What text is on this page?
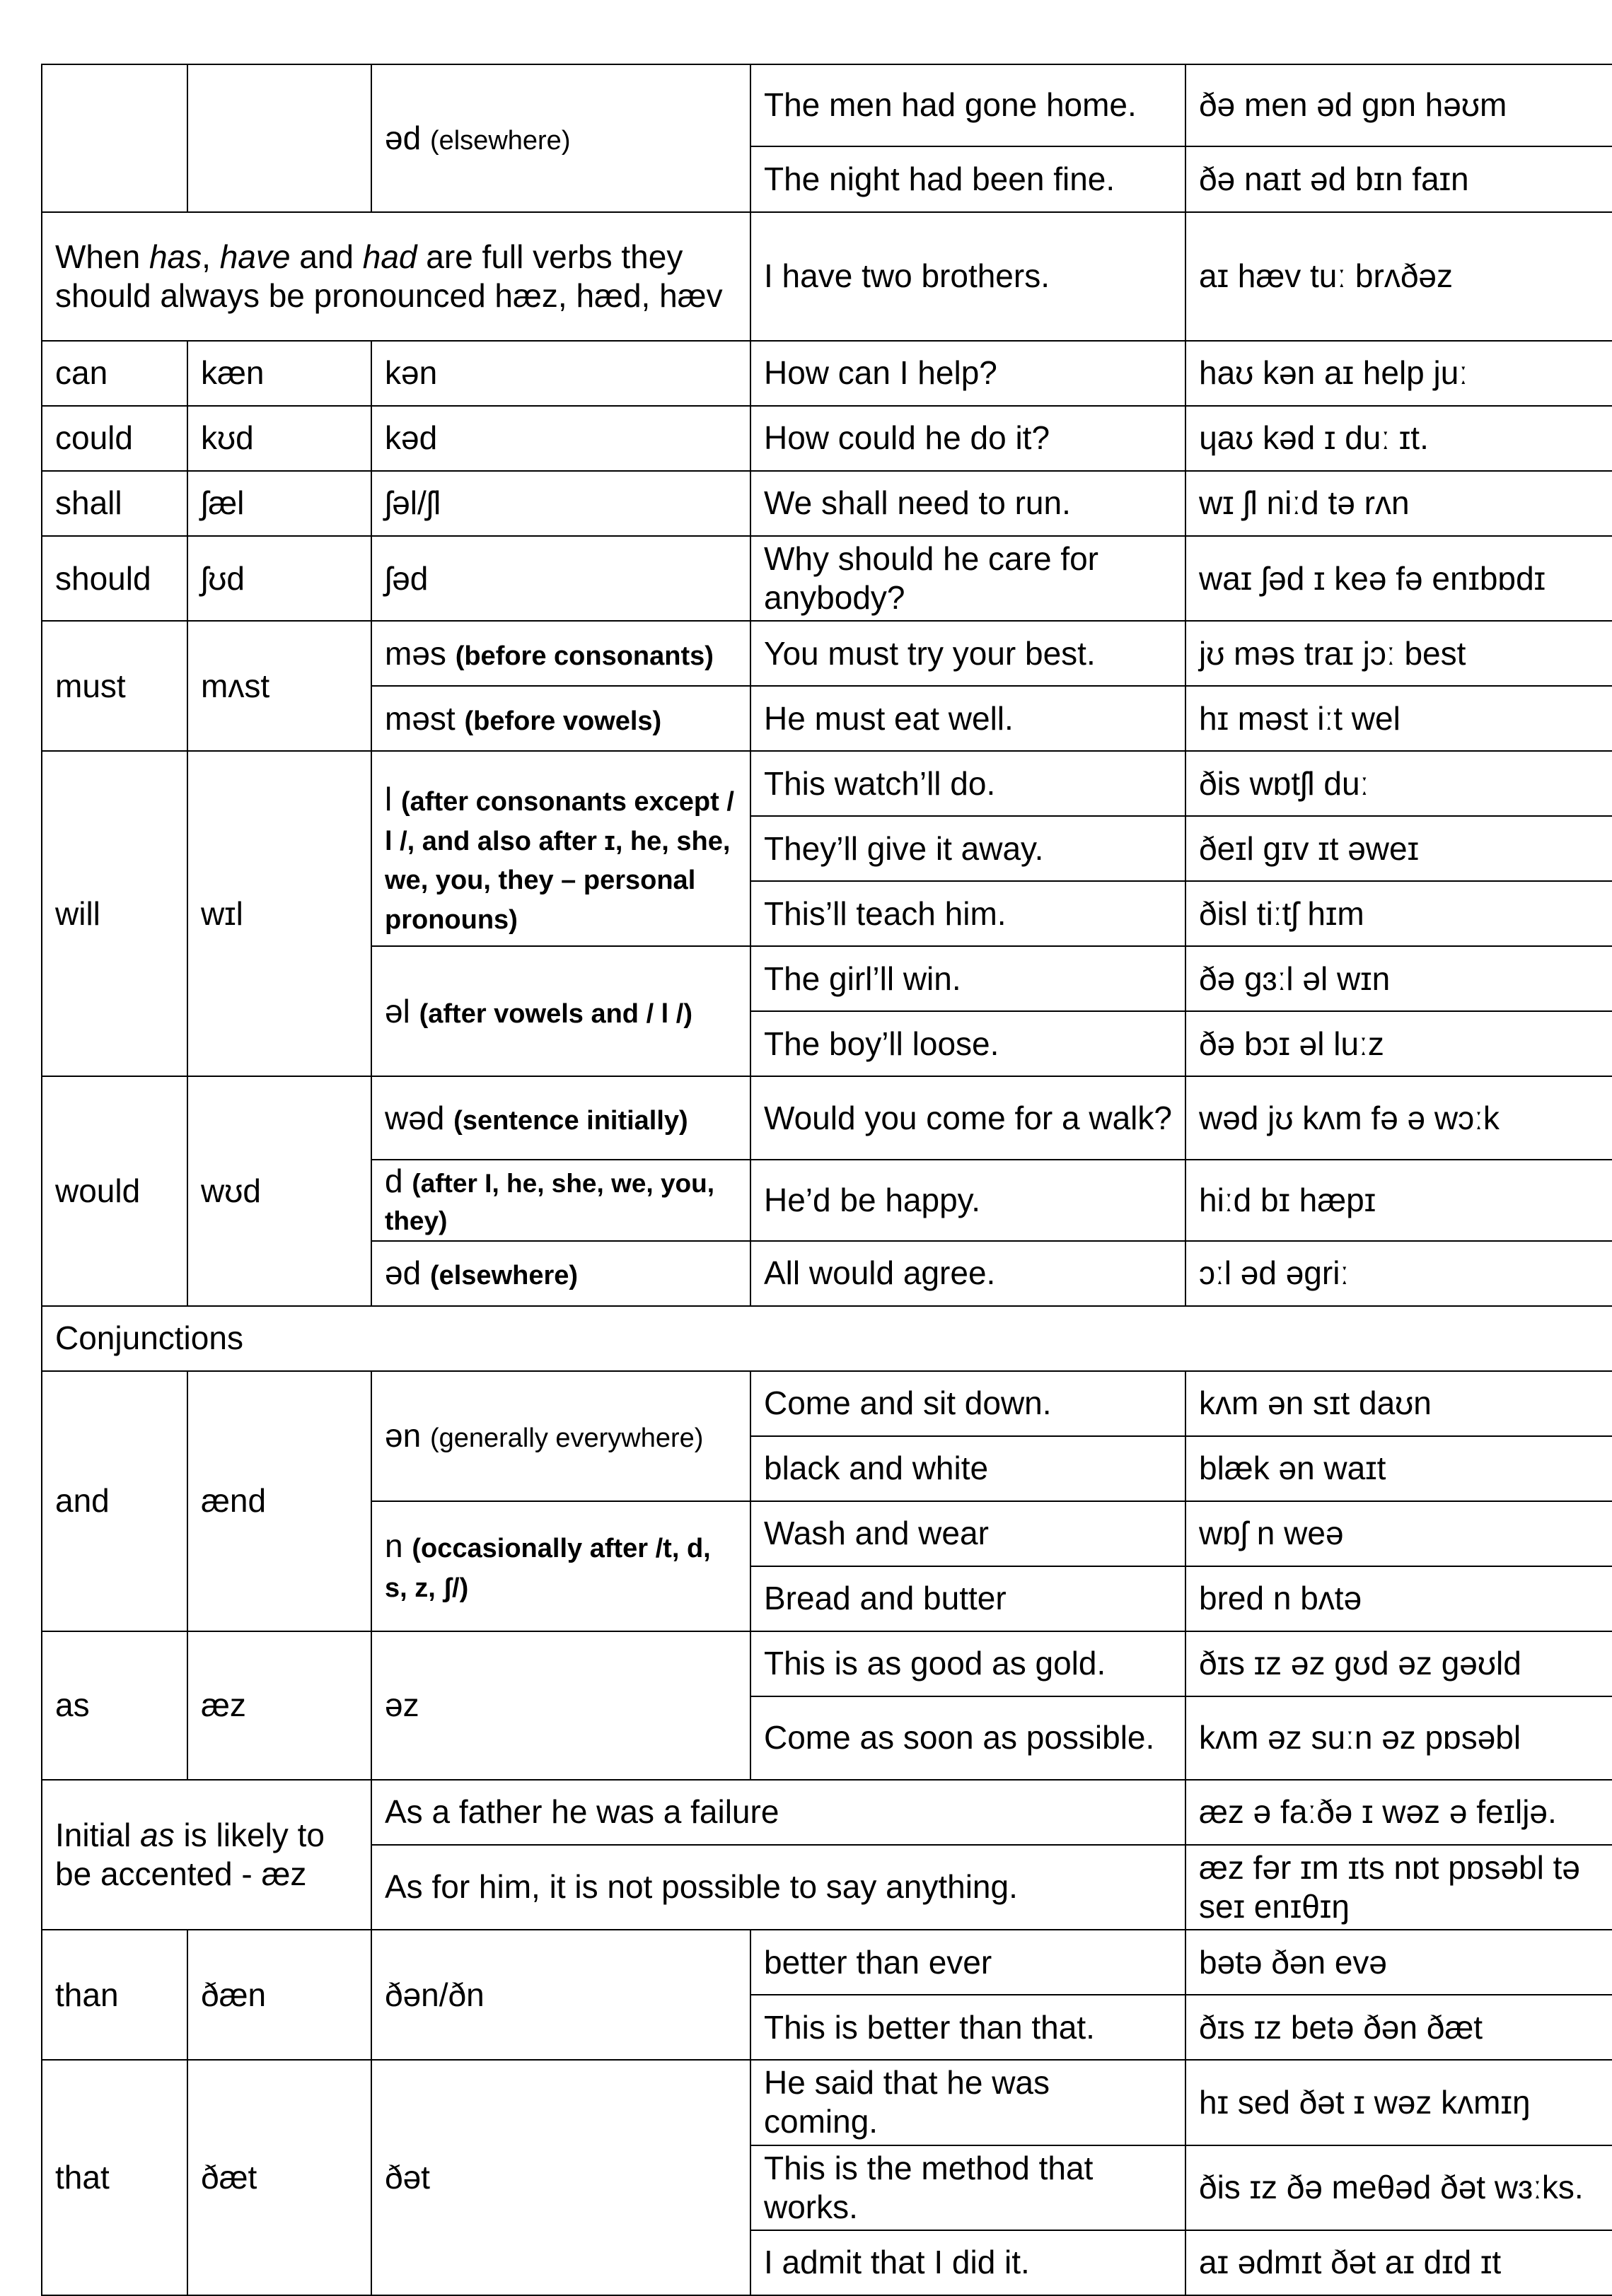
		əd (elsewhere)	The men had gone home.	ðə men əd gɒn həʊm
			The night had been fine.	ðə naɪt əd bɪn faɪn
When has, have and had are full verbs they should always be pronounced hæz, hæd, hæv			I have two brothers.	aɪ hæv tuː brʌðəz
can	kæn	kən	How can I help?	haʊ kən aɪ help juː
could	kʊd	kəd	How could he do it?	ɥaʊ kəd ɪ duː ɪt.
shall	ʃæl	ʃəl/ʃl	We shall need to run.	wɪ ʃl niːd tə rʌn
should	ʃʊd	ʃəd	Why should he care for anybody?	waɪ ʃəd ɪ keə fə enɪbɒdɪ
must	mʌst	məs (before consonants)	You must try your best.	jʊ məs traɪ jɔː best
		məst (before vowels)	He must eat well.	hɪ məst iːt wel
will	wɪl	l (after consonants except / l /, and also after ɪ, he, she, we, you, they – personal pronouns)	This watch’ll do.	ðis wɒtʃl duː
			They’ll give it away.	ðeɪl gɪv ɪt əweɪ
			This’ll teach him.	ðisl tiːtʃ hɪm
		əl (after vowels and / l /)	The girl’ll win.	ðə gɜːl əl wɪn
			The boy’ll loose.	ðə bɔɪ əl luːz
would	wʊd	wəd (sentence initially)	Would you come for a walk?	wəd jʊ kʌm fə ə wɔːk
		d (after I, he, she, we, you, they)	He’d be happy.	hiːd bɪ hæpɪ
		əd (elsewhere)	All would agree.	ɔːl əd əgriː
Conjunctions				
and	ænd	ən (generally everywhere)	Come and sit down.	kʌm ən sɪt daʊn
			black and white	blæk ən waɪt
		n (occasionally after /t, d, s, z, ʃ/)	Wash and wear	wɒʃ n weə
			Bread and butter	bred n bʌtə
as	æz	əz	This is as good as gold.	ðɪs ɪz əz gʊd əz gəʊld
			Come as soon as possible.	kʌm əz suːn əz pɒsəbl
Initial as is likely to be accented - æz		As a father he was a failure		æz ə faːðə ɪ wəz ə feɪljə.
		As for him, it is not possible to say anything.		æz fər ɪm ɪts nɒt pɒsəbl tə seɪ enɪθɪŋ
than	ðæn	ðən/ðn	better than ever	bətə ðən evə
			This is better than that.	ðɪs ɪz betə ðən ðæt
that	ðæt	ðət	He said that he was coming.	hɪ sed ðət ɪ wəz kʌmɪŋ
			This is the method that works.	ðis ɪz ðə meθəd ðət wɜːks.
			I admit that I did it.	aɪ ədmɪt ðət aɪ dɪd ɪt
